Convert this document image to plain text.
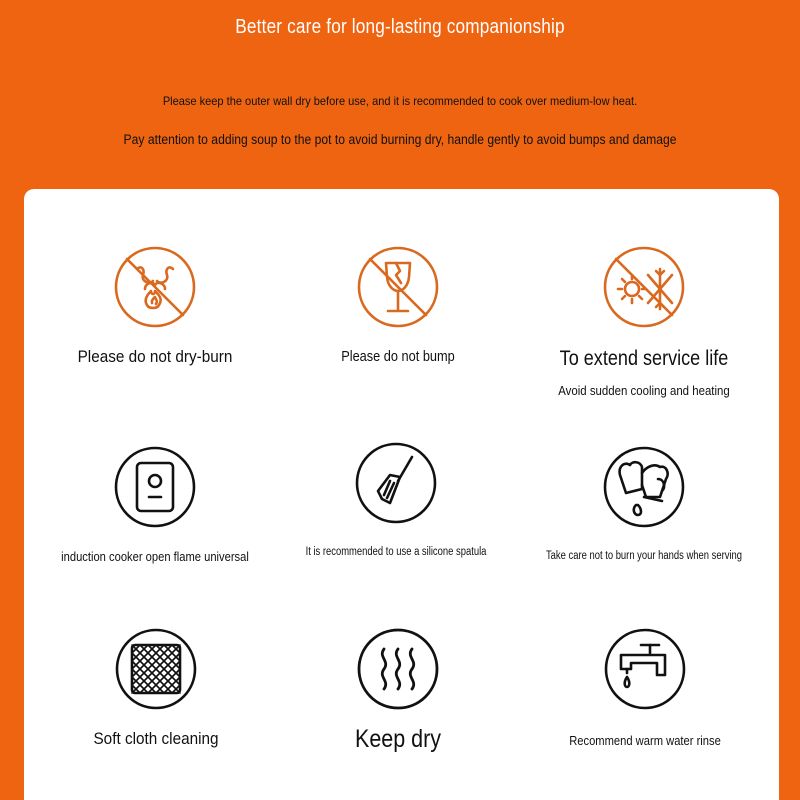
Better care for long-lasting companionship
Please keep the outer wall dry before use, and it is recommended to cook over medium-low heat.
Pay attention to adding soup to the pot to avoid burning dry, handle gently to avoid bumps and damage
Please do not dry-burn	Please do not bump	To extend service life
Avoid sudden cooling and heating
induction cooker open flame universal	It is recommended to use a silicone spatula	Take care not to burn your hands when serving
Soft cloth cleaning	Keep dry	Recommend warm water rinse
